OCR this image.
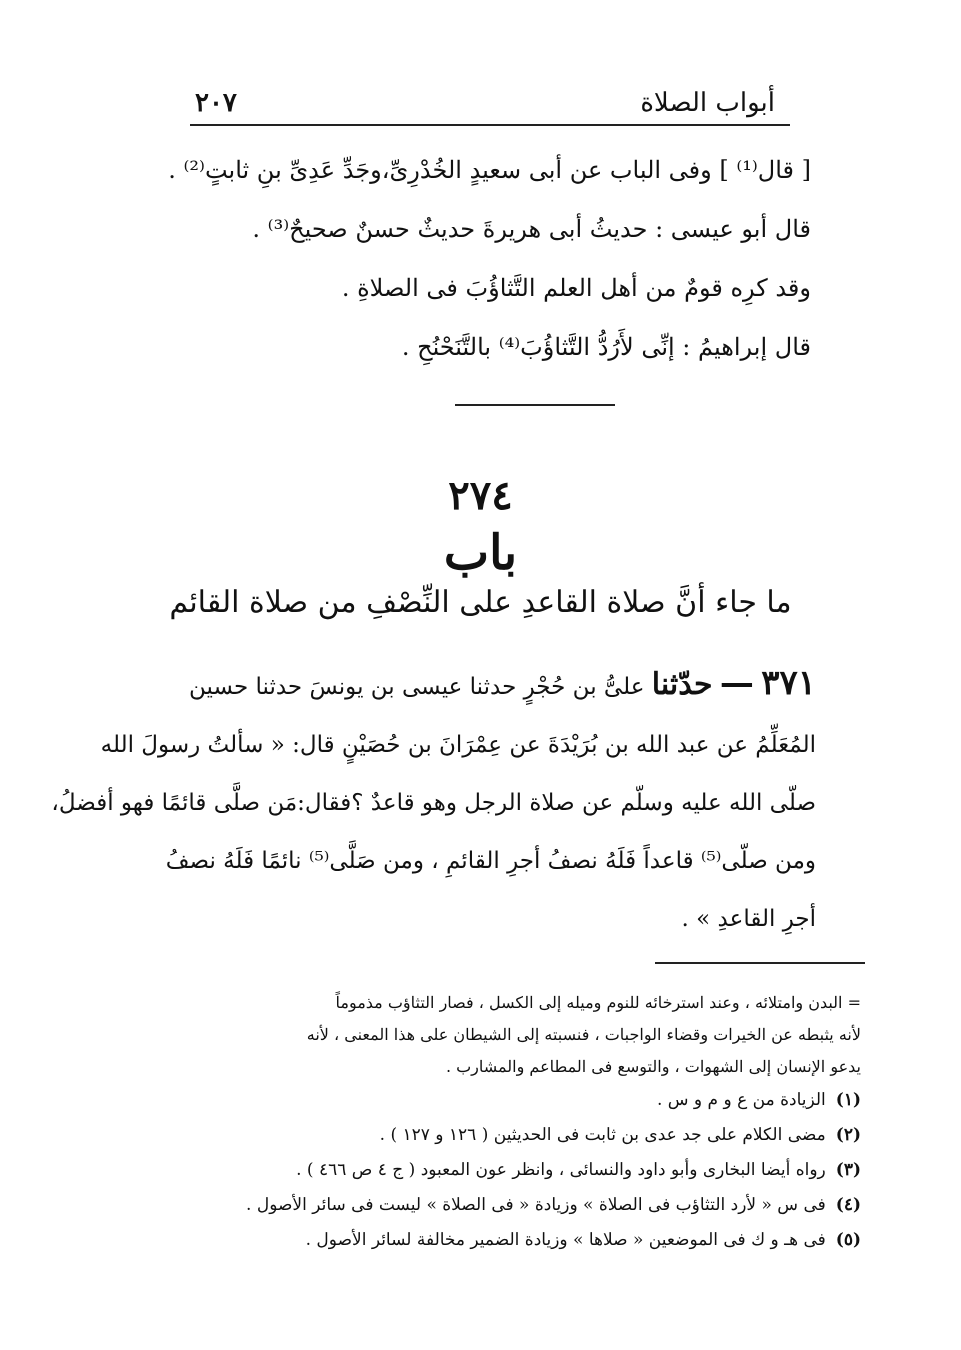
أبواب الصلاة
٢٠٧
[ قال⁽¹⁾ ] وفى الباب عن أبى سعيدٍ الخُدْرِىِّ،وجَدِّ عَدِىِّ بنِ ثابتٍ⁽²⁾ .
قال أبو عيسى : حديثُ أبى هريرةَ حديثٌ حسنٌ صحيحٌ⁽³⁾ .
وقد كرِه قومٌ من أهل العلم التَّثاؤُبَ فى الصلاةِ .
قال إبراهيمُ : إنِّى لأَرُدُّ التَّثاؤُبَ⁽⁴⁾ بالتَّنَحْنُحِ .
٢٧٤
باب
ما جاء أنَّ صلاة القاعدِ على النِّصْفِ من صلاة القائم
٣٧١ — حدّثنا علىُّ بن حُجْرٍ حدثنا عيسى بن يونسَ حدثنا حسين
المُعَلِّمُ عن عبد الله بن بُرَيْدَةَ عن عِمْرَانَ بن حُصَيْنٍ قال: « سألتُ رسولَ الله
صلّى الله عليه وسلّم عن صلاة الرجل وهو قاعدٌ ؟فقال:مَن صلَّى قائمًا فهو أفضلُ،
ومن صلّى⁽⁵⁾ قاعداً فَلَهُ نصفُ أجرِ القائمِ ، ومن صَلَّى⁽⁵⁾ نائمًا فَلَهُ نصفُ
أجرِ القاعدِ » .
= البدن وامتلائه ، وعند استرخائه للنوم وميله إلى الكسل ، فصار التثاؤب مذموماً
لأنه يثبطه عن الخيرات وقضاء الواجبات ، فنسبته إلى الشيطان على هذا المعنى ، لأنه
يدعو الإنسان إلى الشهوات ، والتوسع فى المطاعم والمشارب .
(١)الزيادة من ع و م و س .
(٢)مضى الكلام على جد عدى بن ثابت فى الحديثين ( ١٢٦ و ١٢٧ ) .
(٣)رواه أيضا البخارى وأبو داود والنسائى ، وانظر عون المعبود ( ج ٤ ص ٤٦٦ ) .
(٤)فى س « لأرد التثاؤب فى الصلاة » وزيادة « فى الصلاة » ليست فى سائر الأصول .
(٥)فى هـ و ك فى الموضعين « صلاها » وزيادة الضمير مخالفة لسائر الأصول .
